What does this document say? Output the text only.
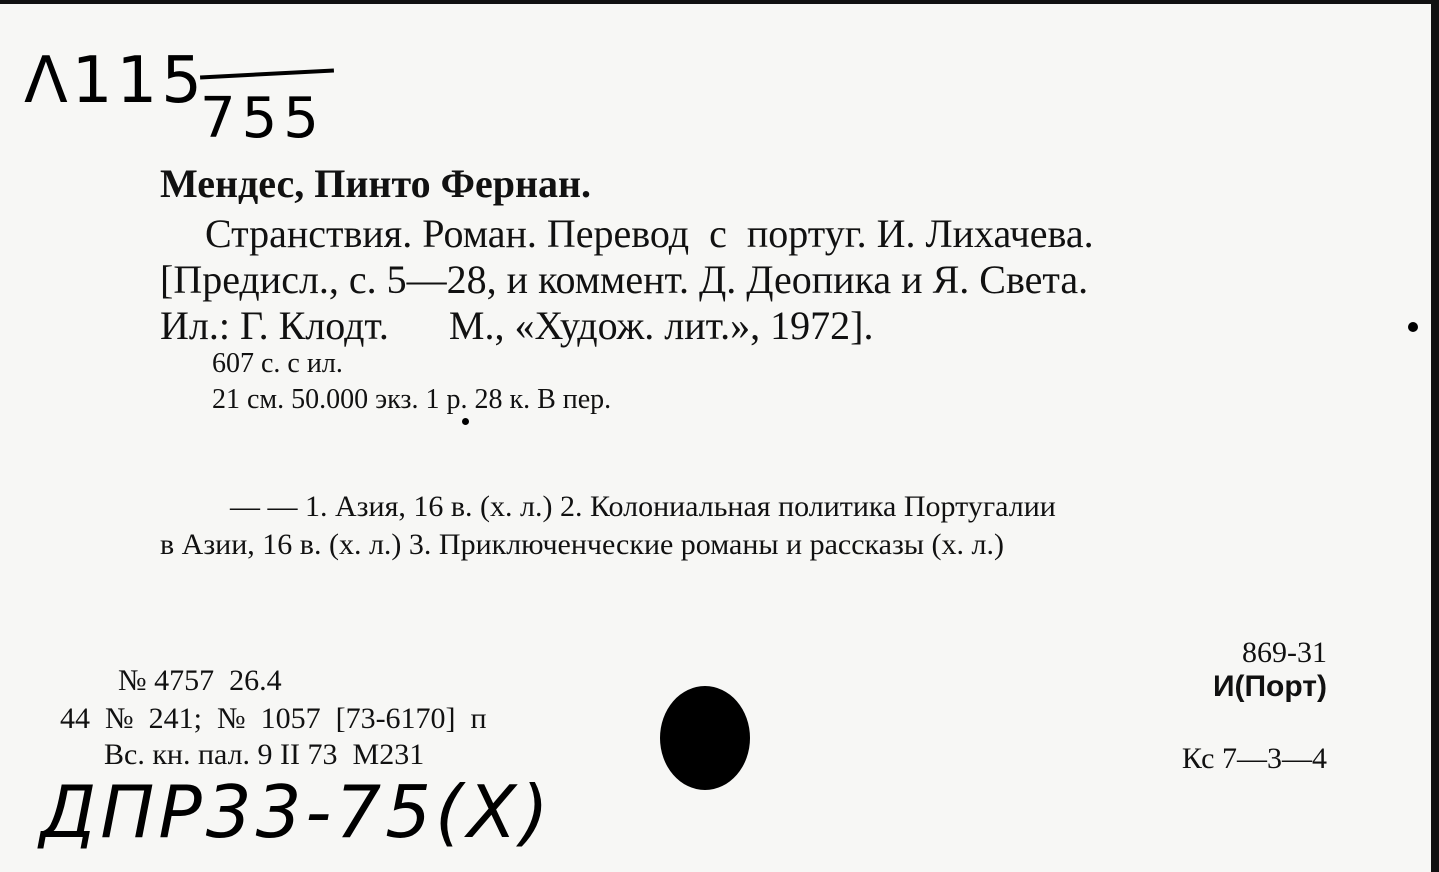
Λ115
755
Мендес, Пинто Фернан.
Странствия. Роман. Перевод  с  португ. И. Лихачева.
[Предисл., с. 5—28, и коммент. Д. Деопика и Я. Света.
Ил.: Г. Клодт.      М., «Худож. лит.», 1972].
607 с. с ил.
21 см. 50.000 экз. 1 р. 28 к. В пер.
— — 1. Азия, 16 в. (х. л.) 2. Колониальная политика Португалии
в Азии, 16 в. (х. л.) 3. Приключенческие романы и рассказы (х. л.)
№ 4757  26.4
44  №  241;  №  1057  [73-6170]  п
Вс. кн. пал. 9 II 73  М231
869-31
И(Порт)
Кс 7—3—4
ДПР33-75(Х)
